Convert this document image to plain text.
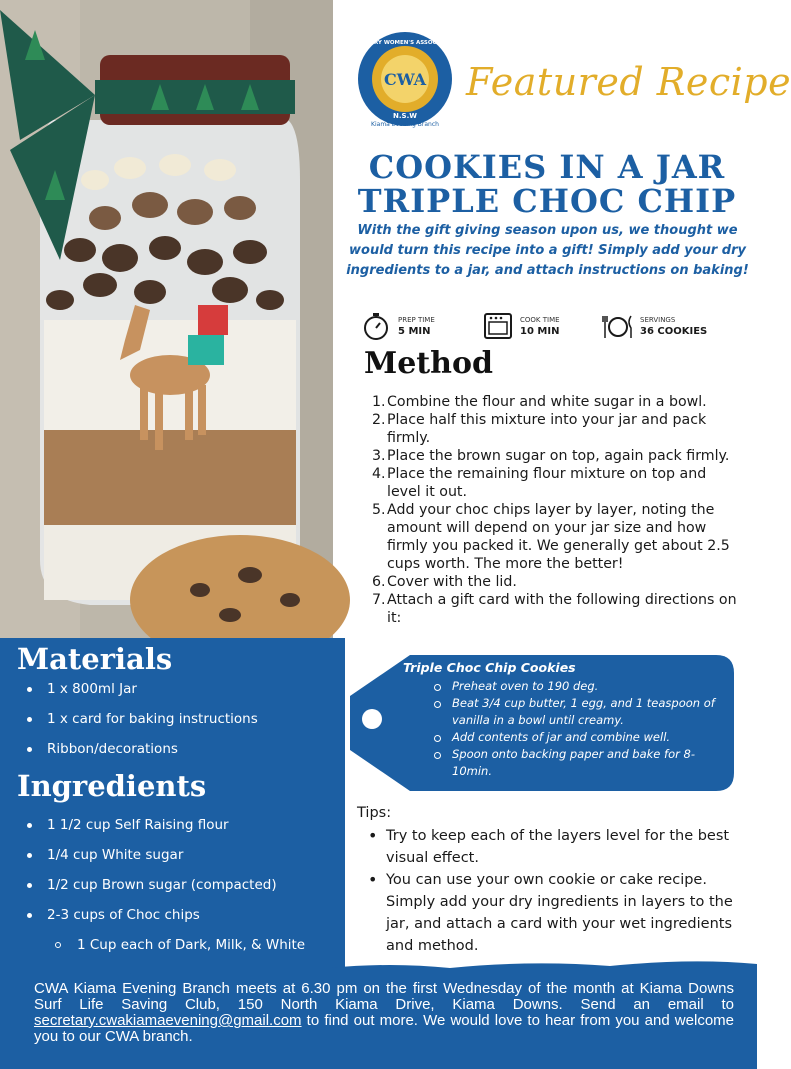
CWA
COUNTRY WOMEN'S ASSOCIATION
N.S.W
Kiama Evening Branch
Featured Recipe
COOKIES IN A JAR
TRIPLE CHOC CHIP
With the gift giving season upon us, we thought we would turn this recipe into a gift! Simply add your dry ingredients to a jar, and attach instructions on baking!
PREP TIME
5 MIN
COOK TIME
10 MIN
SERVINGS
36 COOKIES
Method
1. Combine the flour and white sugar in a bowl.
2. Place half this mixture into your jar and pack firmly.
3. Place the brown sugar on top, again pack firmly.
4. Place the remaining flour mixture on top and level it out.
5. Add your choc chips layer by layer, noting the amount will depend on your jar size and how firmly you packed it. We generally get about 2.5 cups worth. The more the better!
6. Cover with the lid.
7. Attach a gift card with the following directions on it:
Triple Choc Chip Cookies
Preheat oven to 190 deg.
Beat 3/4 cup butter, 1 egg, and 1 teaspoon of vanilla in a bowl until creamy.
Add contents of jar and combine well.
Spoon onto backing paper and bake for 8-10min.
Tips:
• Try to keep each of the layers level for the best visual effect.
• You can use your own cookie or cake recipe. Simply add your dry ingredients in layers to the jar, and attach a card with your wet ingredients and method.
Materials
1 x 800ml Jar
1 x card for baking instructions
Ribbon/decorations
Ingredients
1 1/2 cup Self Raising flour
1/4 cup White sugar
1/2 cup Brown sugar (compacted)
2-3 cups of Choc chips
1 Cup each of Dark, Milk, & White
CWA Kiama Evening Branch meets at 6.30 pm on the first Wednesday of the month at Kiama Downs Surf Life Saving Club, 150 North Kiama Drive, Kiama Downs. Send an email to secretary.cwakiamaevening@gmail.com to find out more. We would love to hear from you and welcome you to our CWA branch.
